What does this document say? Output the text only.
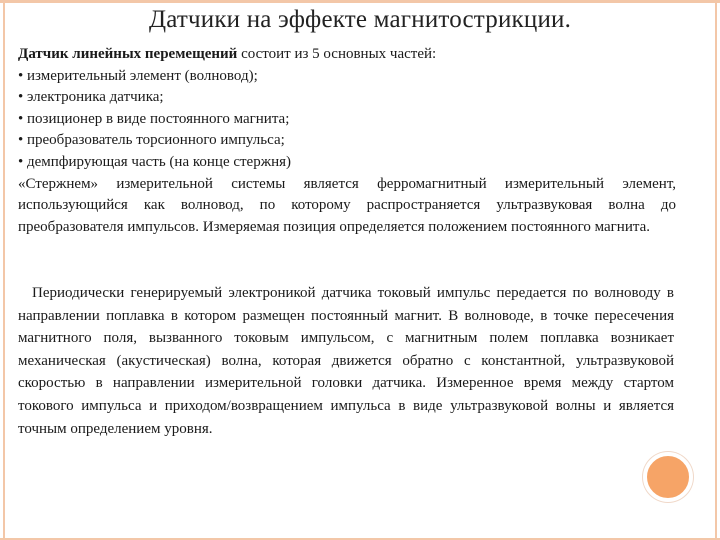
Датчики на эффекте магнитострикции.

Датчик линейных перемещений состоит из 5 основных частей:

• измерительный элемент (волновод);

• электроника датчика;

• позиционер в виде постоянного магнита;

• преобразователь торсионного импульса;

• демпфирующая часть (на конце стержня)

«Стержнем» измерительной системы является ферромагнитный измерительный элемент, использующийся как волновод, по которому распространяется ультразвуковая волна до преобразователя импульсов. Измеряемая позиция определяется положением постоянного магнита.

Периодически генерируемый электроникой датчика токовый импульс передается по волноводу в направлении поплавка в котором размещен постоянный магнит. В волноводе, в точке пересечения магнитного поля, вызванного токовым импульсом, с магнитным полем поплавка возникает механическая (акустическая) волна, которая движется обратно с константной, ультразвуковой скоростью в направлении измерительной головки датчика. Измеренное время между стартом токового импульса и приходом/возвращением импульса в виде ультразвуковой волны и является точным определением уровня.
